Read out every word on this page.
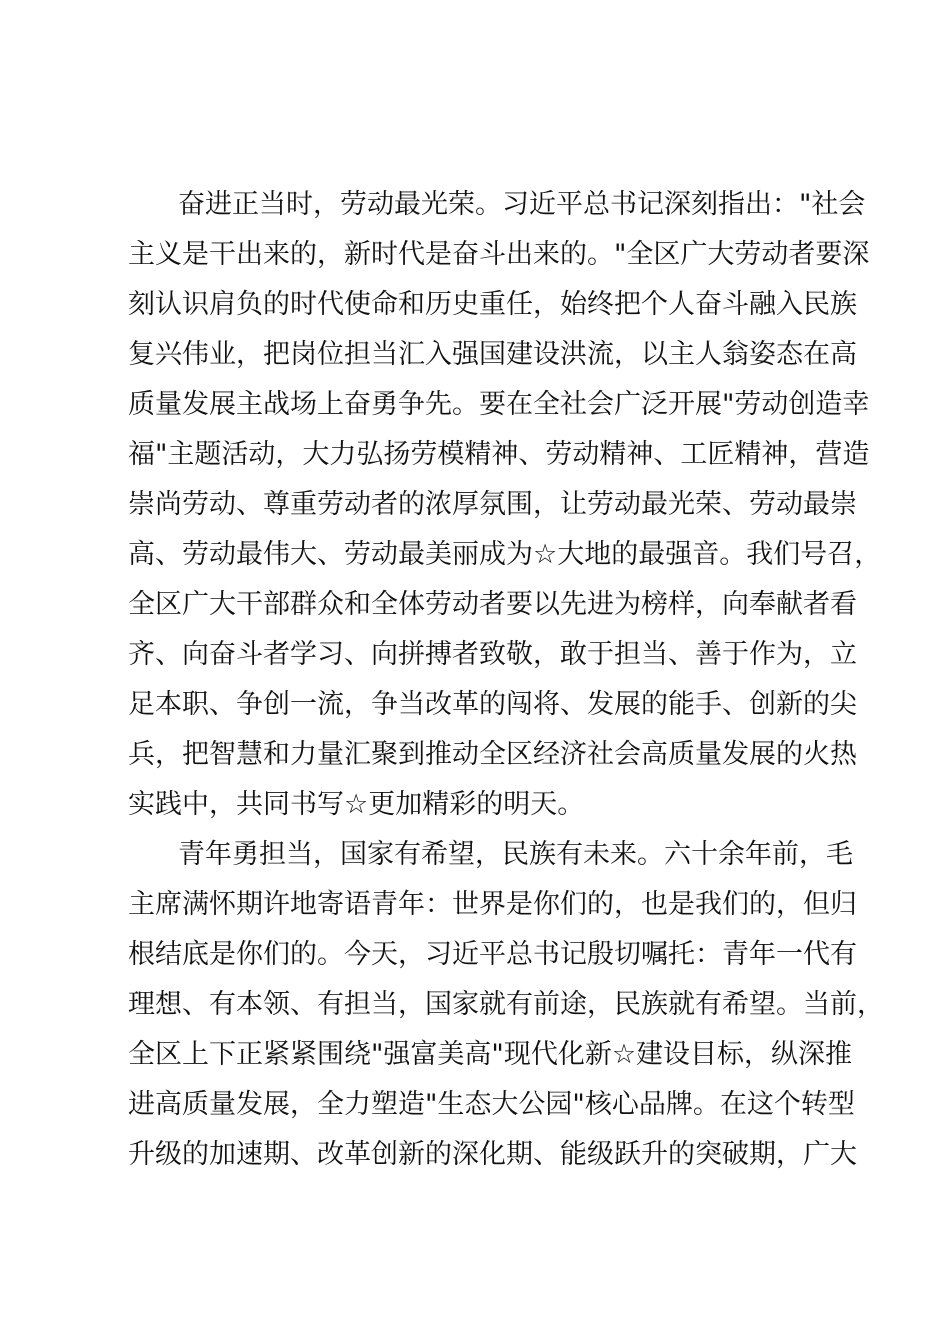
奋进正当时，劳动最光荣。习近平总书记深刻指出："社会
主义是干出来的，新时代是奋斗出来的。"全区广大劳动者要深
刻认识肩负的时代使命和历史重任，始终把个人奋斗融入民族
复兴伟业，把岗位担当汇入强国建设洪流，以主人翁姿态在高
质量发展主战场上奋勇争先。要在全社会广泛开展"劳动创造幸
福"主题活动，大力弘扬劳模精神、劳动精神、工匠精神，营造
崇尚劳动、尊重劳动者的浓厚氛围，让劳动最光荣、劳动最崇
高、劳动最伟大、劳动最美丽成为☆大地的最强音。我们号召，
全区广大干部群众和全体劳动者要以先进为榜样，向奉献者看
齐、向奋斗者学习、向拼搏者致敬，敢于担当、善于作为，立
足本职、争创一流，争当改革的闯将、发展的能手、创新的尖
兵，把智慧和力量汇聚到推动全区经济社会高质量发展的火热
实践中，共同书写☆更加精彩的明天。
青年勇担当，国家有希望，民族有未来。六十余年前，毛
主席满怀期许地寄语青年：世界是你们的，也是我们的，但归
根结底是你们的。今天，习近平总书记殷切嘱托：青年一代有
理想、有本领、有担当，国家就有前途，民族就有希望。当前，
全区上下正紧紧围绕"强富美高"现代化新☆建设目标，纵深推
进高质量发展，全力塑造"生态大公园"核心品牌。在这个转型
升级的加速期、改革创新的深化期、能级跃升的突破期，广大
